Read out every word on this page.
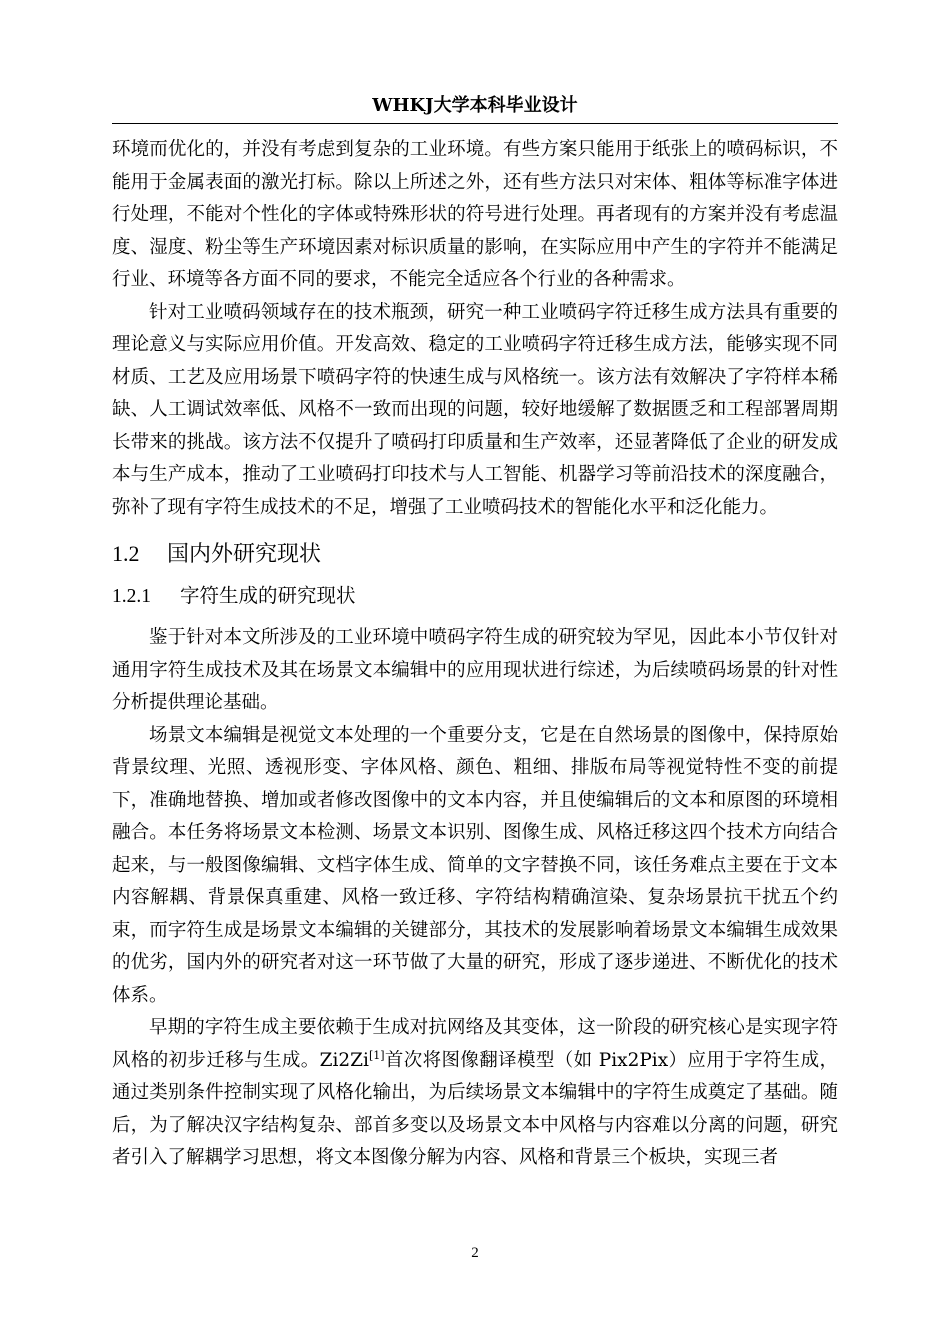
WHKJ大学本科毕业设计

环境而优化的，并没有考虑到复杂的工业环境。有些方案只能用于纸张上的喷码标识，不能用于金属表面的激光打标。除以上所述之外，还有些方法只对宋体、粗体等标准字体进行处理，不能对个性化的字体或特殊形状的符号进行处理。再者现有的方案并没有考虑温度、湿度、粉尘等生产环境因素对标识质量的影响，在实际应用中产生的字符并不能满足行业、环境等各方面不同的要求，不能完全适应各个行业的各种需求。

针对工业喷码领域存在的技术瓶颈，研究一种工业喷码字符迁移生成方法具有重要的理论意义与实际应用价值。开发高效、稳定的工业喷码字符迁移生成方法，能够实现不同材质、工艺及应用场景下喷码字符的快速生成与风格统一。该方法有效解决了字符样本稀缺、人工调试效率低、风格不一致而出现的问题，较好地缓解了数据匮乏和工程部署周期长带来的挑战。该方法不仅提升了喷码打印质量和生产效率，还显著降低了企业的研发成本与生产成本，推动了工业喷码打印技术与人工智能、机器学习等前沿技术的深度融合，弥补了现有字符生成技术的不足，增强了工业喷码技术的智能化水平和泛化能力。

1.2 国内外研究现状
1.2.1 字符生成的研究现状

鉴于针对本文所涉及的工业环境中喷码字符生成的研究较为罕见，因此本小节仅针对通用字符生成技术及其在场景文本编辑中的应用现状进行综述，为后续喷码场景的针对性分析提供理论基础。

场景文本编辑是视觉文本处理的一个重要分支，它是在自然场景的图像中，保持原始背景纹理、光照、透视形变、字体风格、颜色、粗细、排版布局等视觉特性不变的前提下，准确地替换、增加或者修改图像中的文本内容，并且使编辑后的文本和原图的环境相融合。本任务将场景文本检测、场景文本识别、图像生成、风格迁移这四个技术方向结合起来，与一般图像编辑、文档字体生成、简单的文字替换不同，该任务难点主要在于文本内容解耦、背景保真重建、风格一致迁移、字符结构精确渲染、复杂场景抗干扰五个约束，而字符生成是场景文本编辑的关键部分，其技术的发展影响着场景文本编辑生成效果的优劣，国内外的研究者对这一环节做了大量的研究，形成了逐步递进、不断优化的技术体系。

早期的字符生成主要依赖于生成对抗网络及其变体，这一阶段的研究核心是实现字符风格的初步迁移与生成。Zi2Zi[1]首次将图像翻译模型（如 Pix2Pix）应用于字符生成，通过类别条件控制实现了风格化输出，为后续场景文本编辑中的字符生成奠定了基础。随后，为了解决汉字结构复杂、部首多变以及场景文本中风格与内容难以分离的问题，研究者引入了解耦学习思想，将文本图像分解为内容、风格和背景三个板块，实现三者

2
